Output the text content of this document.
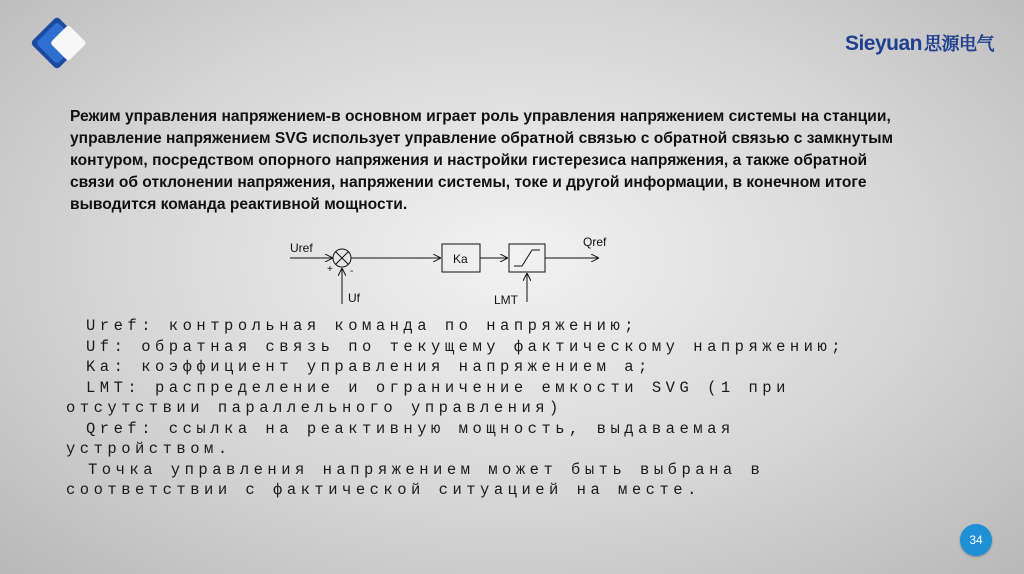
Sieyuan 思源电气
Режим управления напряжением-в основном играет роль управления напряжением системы на станции, управление напряжением SVG использует управление обратной связью с обратной связью с замкнутым контуром, посредством опорного напряжения и настройки гистерезиса напряжения, а также обратной связи об отклонении напряжения, напряжении системы, токе и другой информации, в конечном итоге выводится команда реактивной мощности.
Uref
+ -
Uf
Ka
LMT
Qref

Uref: контрольная команда по напряжению;

Uf: обратная связь по текущему фактическому напряжению;

Ka: коэффициент управления напряжением а;

LMT: распределение и ограничение емкости SVG (1 при

отсутствии параллельного управления)

Qref: ссылка на реактивную мощность, выдаваемая

устройством.

Точка управления напряжением может быть выбрана в

соответствии с фактической ситуацией на месте.

34
